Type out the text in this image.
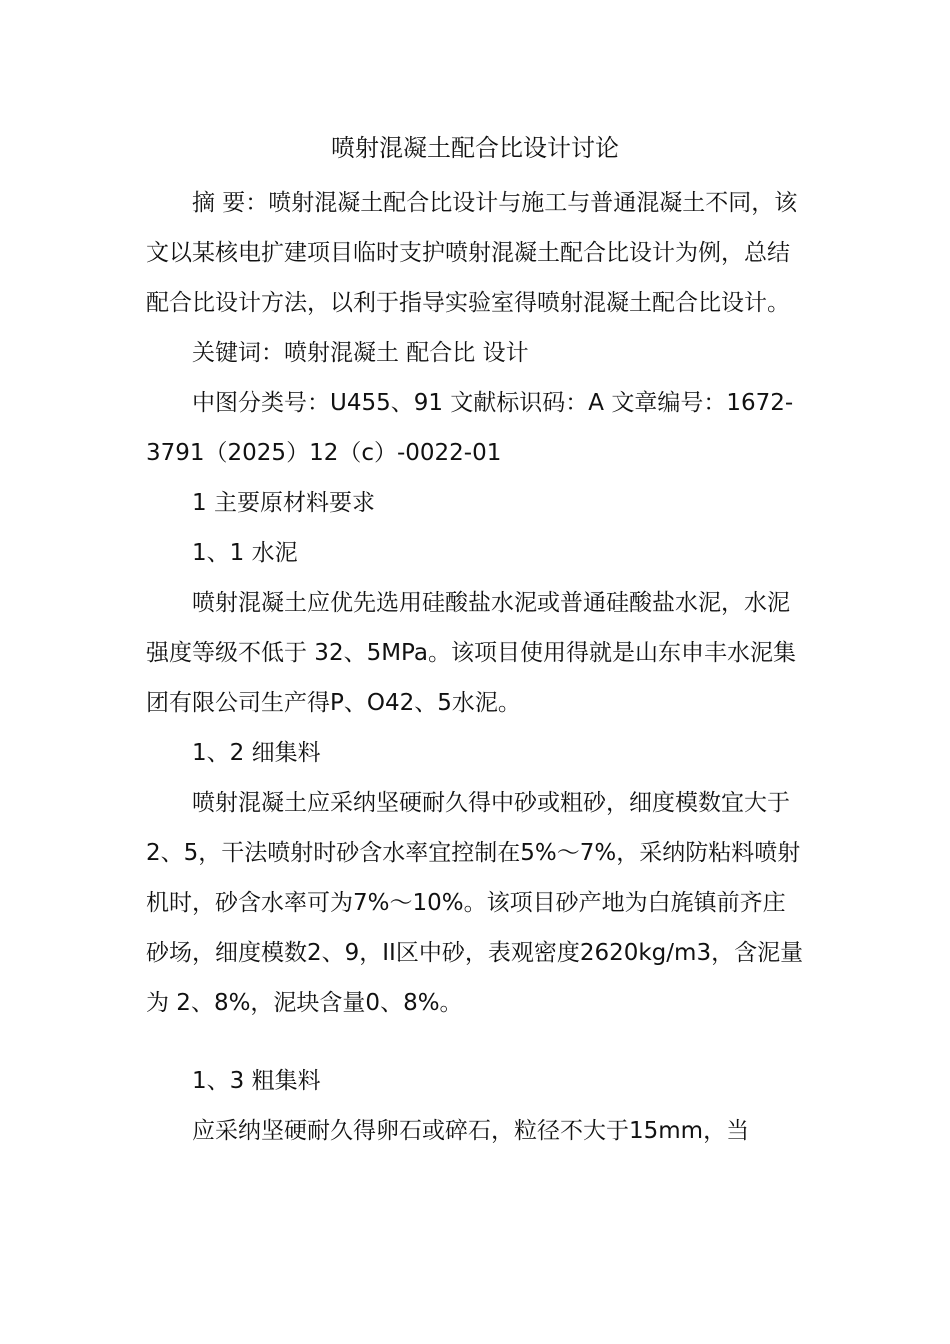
喷射混凝土配合比设计讨论

摘 要：喷射混凝土配合比设计与施工与普通混凝土不同，该文以某核电扩建项目临时支护喷射混凝土配合比设计为例，总结配合比设计方法，以利于指导实验室得喷射混凝土配合比设计。

关键词：喷射混凝土 配合比 设计

中图分类号：U455、91 文献标识码：A 文章编号：1672-3791（2025）12（c）-0022-01

1 主要原材料要求

1、1 水泥

喷射混凝土应优先选用硅酸盐水泥或普通硅酸盐水泥，水泥强度等级不低于 32、5MPa。该项目使用得就是山东申丰水泥集团有限公司生产得P、O42、5水泥。

1、2 细集料

喷射混凝土应采纳坚硬耐久得中砂或粗砂，细度模数宜大于2、5，干法喷射时砂含水率宜控制在5%～7%，采纳防粘料喷射机时，砂含水率可为7%～10%。该项目砂产地为白旄镇前齐庄砂场，细度模数2、9，II区中砂，表观密度2620kg/m3，含泥量为 2、8%，泥块含量0、8%。

1、3 粗集料

应采纳坚硬耐久得卵石或碎石，粒径不大于15mm，当
